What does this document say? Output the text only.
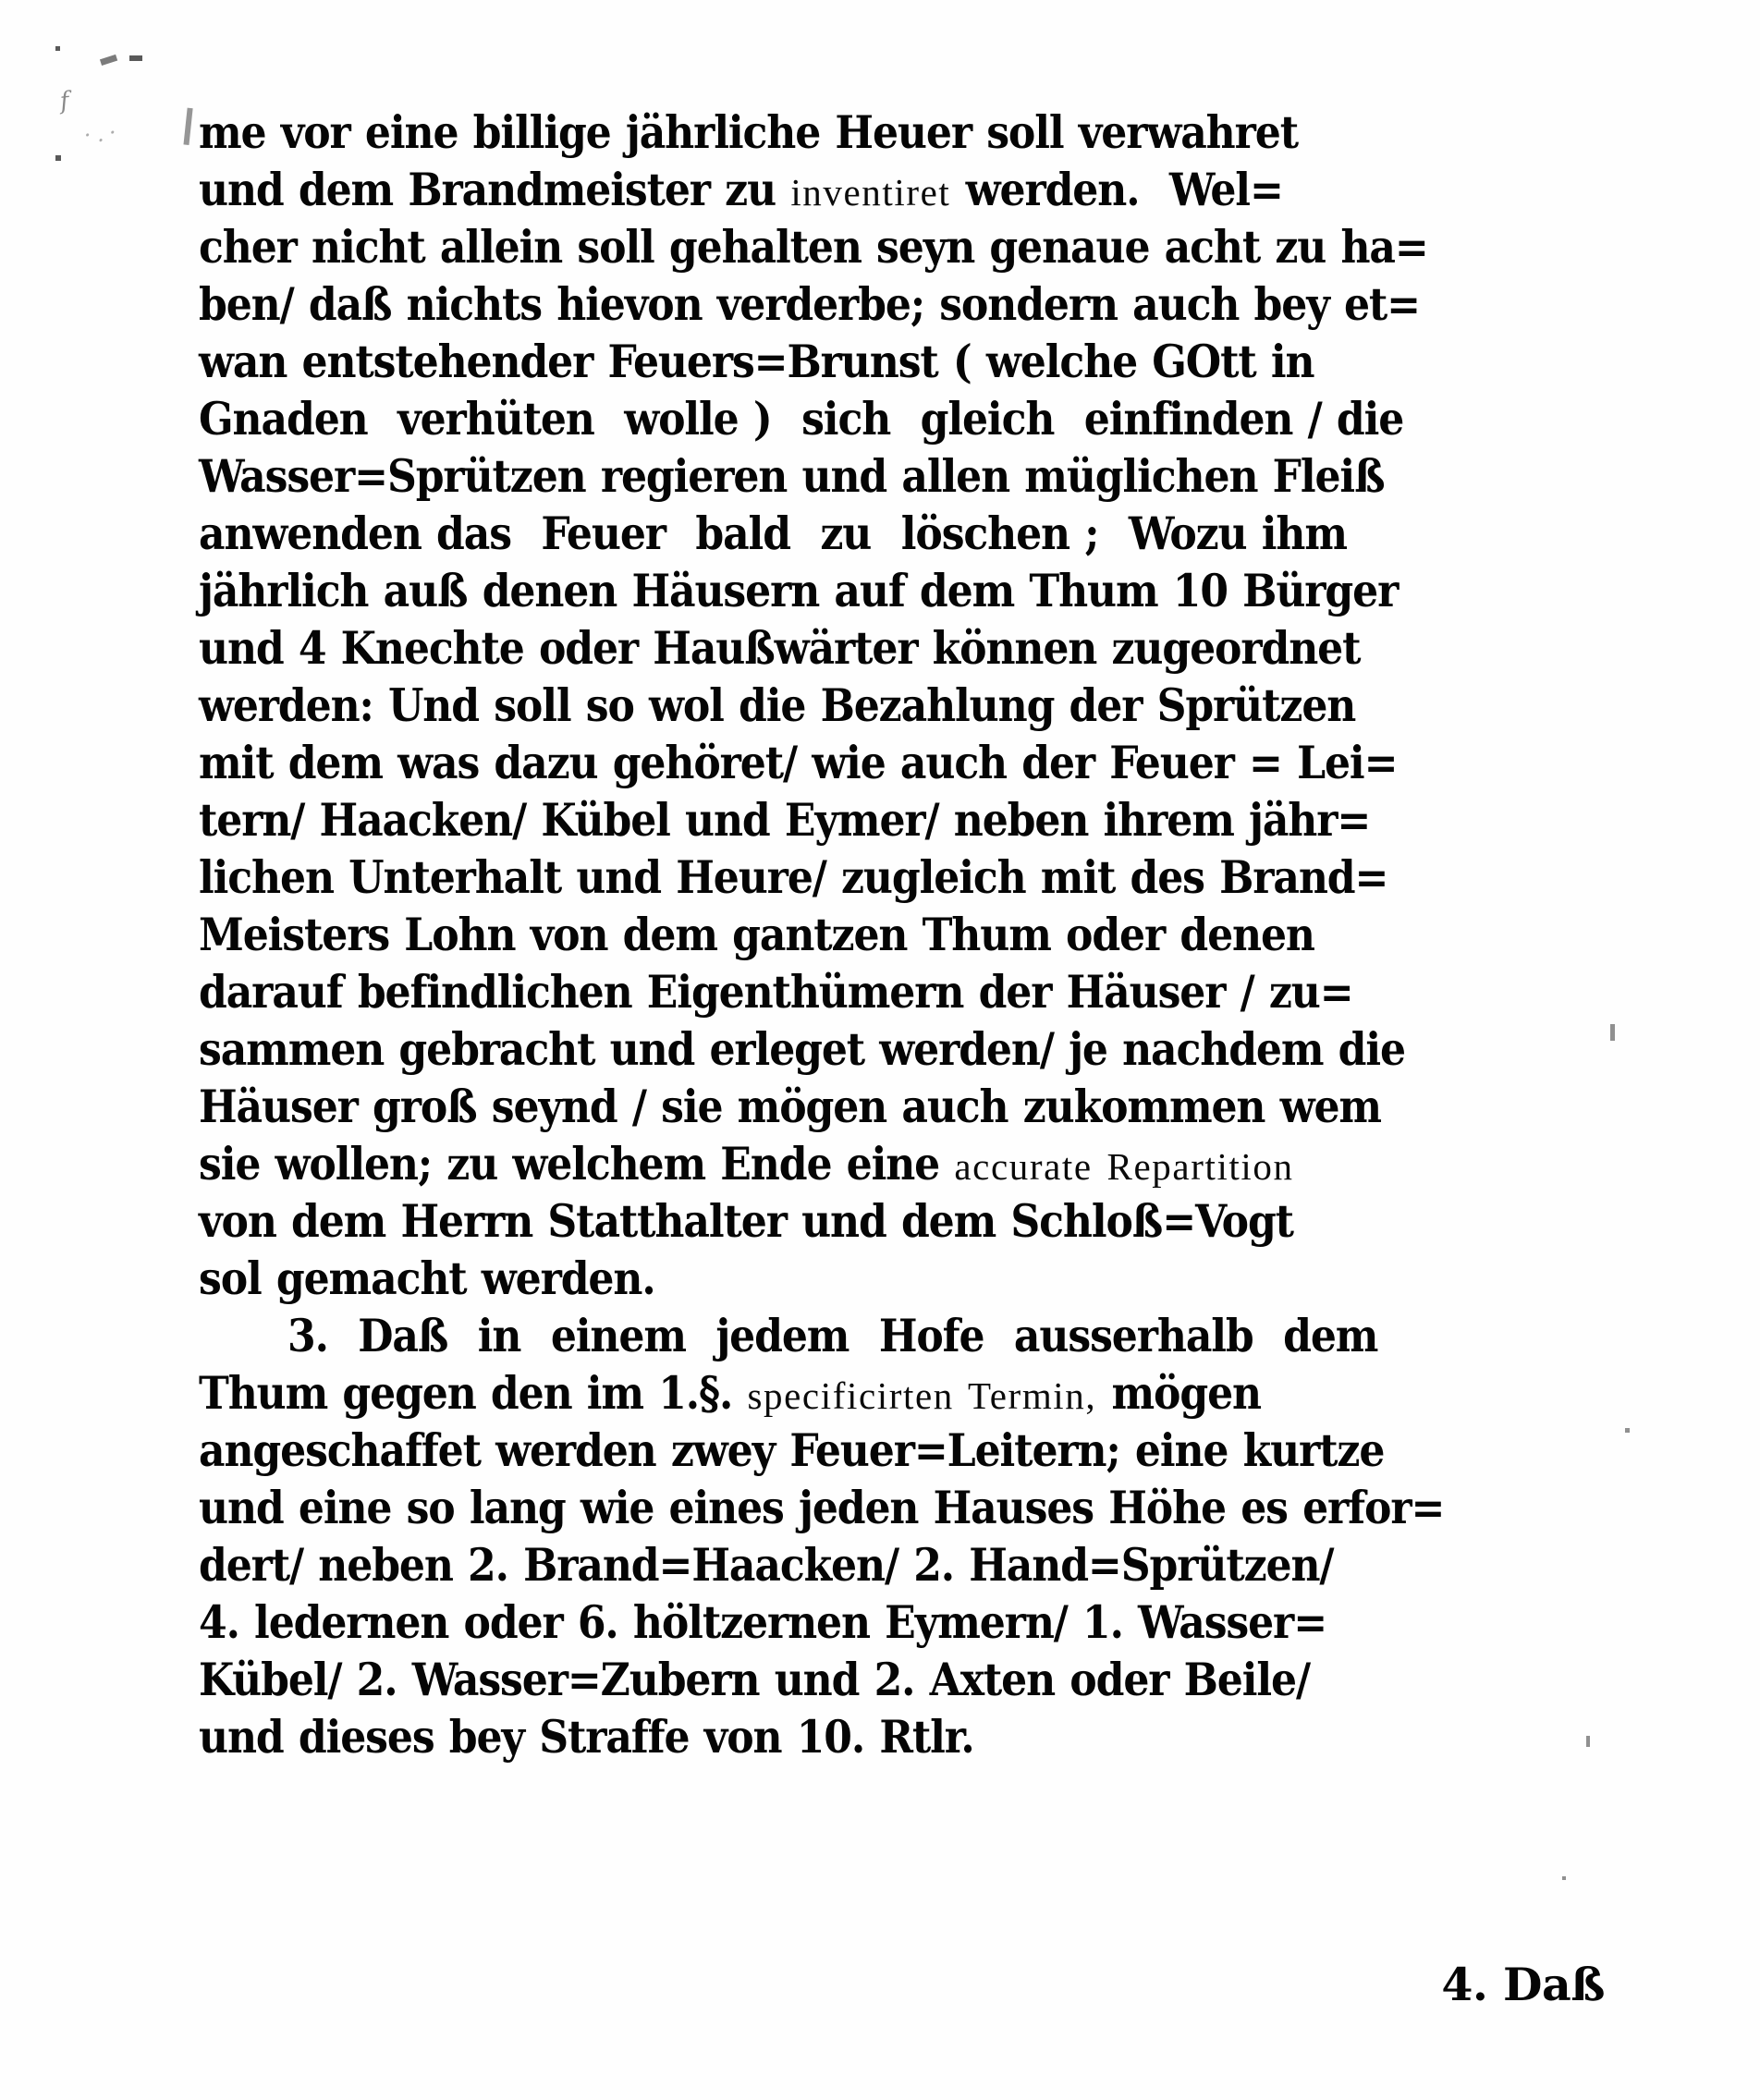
f
·.· me vor eine billige jährliche Heuer soll verwahret
und dem Brandmeister zu inventiret werden.  Wel=
cher nicht allein soll gehalten seyn genaue acht zu ha=
ben/ daß nichts hievon verderbe; sondern auch bey et=
wan entstehender Feuers=Brunst ( welche GOtt in
Gnaden  verhüten  wolle )  sich  gleich  einfinden / die
Wasser=Sprützen regieren und allen müglichen Fleiß
anwenden das  Feuer  bald  zu  löschen ;  Wozu ihm
jährlich auß denen Häusern auf dem Thum 10 Bürger
und 4 Knechte oder Haußwärter können zugeordnet
werden: Und soll so wol die Bezahlung der Sprützen
mit dem was dazu gehöret/ wie auch der Feuer = Lei=
tern/ Haacken/ Kübel und Eymer/ neben ihrem jähr=
lichen Unterhalt und Heure/ zugleich mit des Brand=
Meisters Lohn von dem gantzen Thum oder denen
darauf befindlichen Eigenthümern der Häuser / zu=
sammen gebracht und erleget werden/ je nachdem die
Häuser groß seynd / sie mögen auch zukommen wem
sie wollen; zu welchem Ende eine accurate Repartition
von dem Herrn Statthalter und dem Schloß=Vogt
sol gemacht werden.
3.  Daß  in  einem  jedem  Hofe  ausserhalb  dem
Thum gegen den im 1.§. specificirten Termin, mögen
angeschaffet werden zwey Feuer=Leitern; eine kurtze
und eine so lang wie eines jeden Hauses Höhe es erfor=
dert/ neben 2. Brand=Haacken/ 2. Hand=Sprützen/
4. ledernen oder 6. höltzernen Eymern/ 1. Wasser=
Kübel/ 2. Wasser=Zubern und 2. Axten oder Beile/
und dieses bey Straffe von 10. Rtlr.
4. Daß
